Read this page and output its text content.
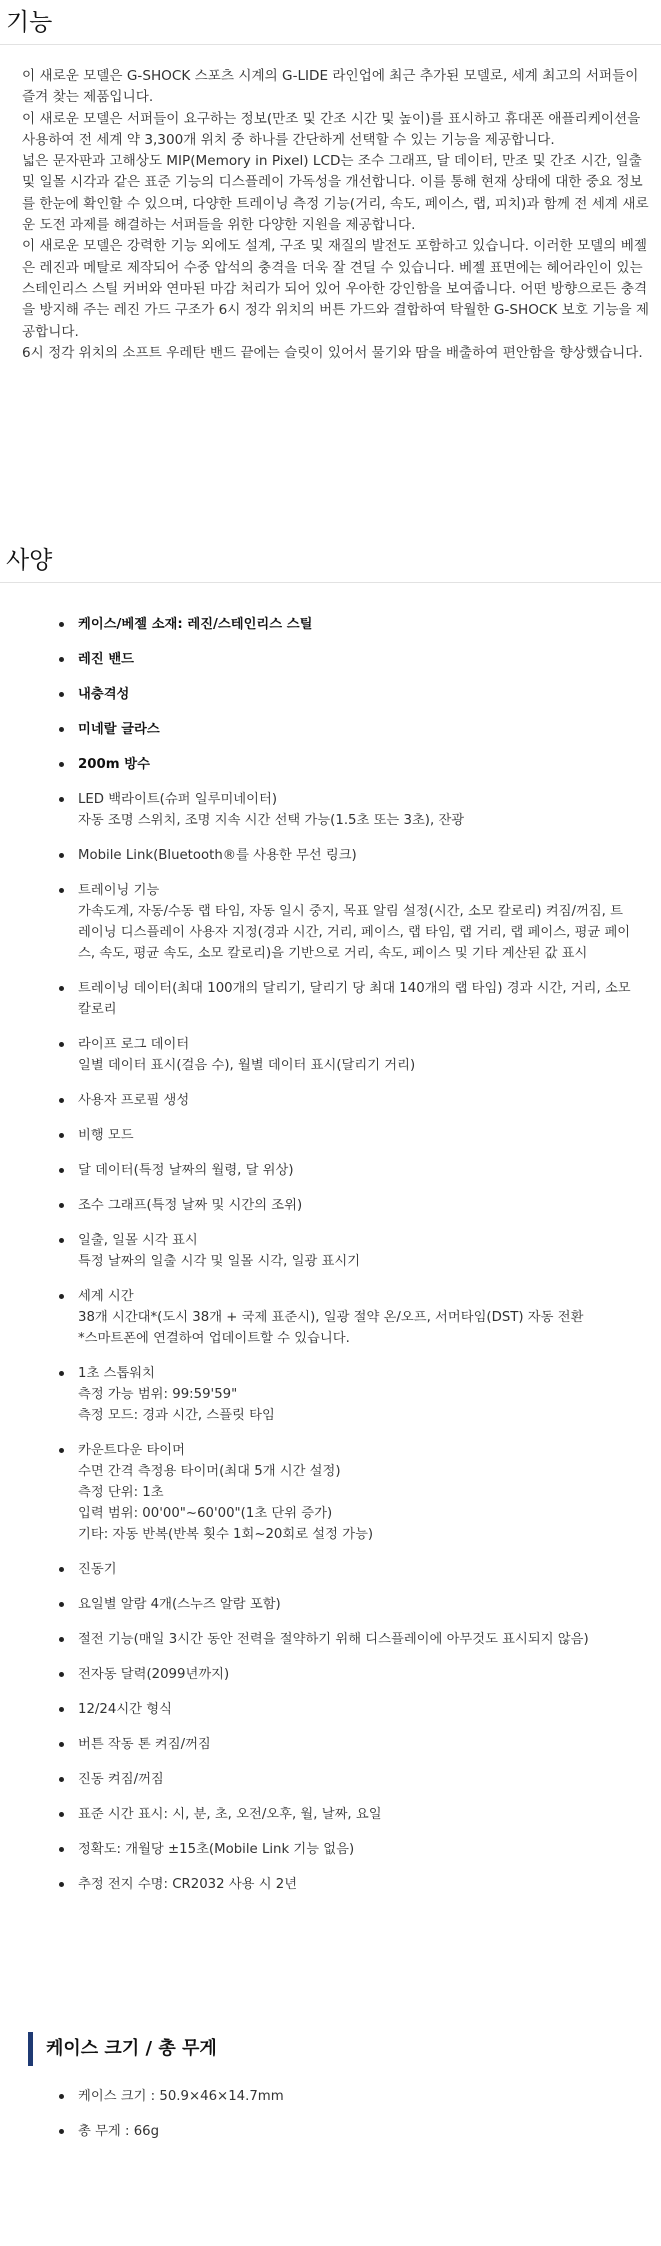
기능

이 새로운 모델은 G-SHOCK 스포츠 시계의 G-LIDE 라인업에 최근 추가된 모델로, 세계 최고의 서퍼들이 즐겨 찾는 제품입니다.

이 새로운 모델은 서퍼들이 요구하는 정보(만조 및 간조 시간 및 높이)를 표시하고 휴대폰 애플리케이션을 사용하여 전 세계 약 3,300개 위치 중 하나를 간단하게 선택할 수 있는 기능을 제공합니다.

넓은 문자판과 고해상도 MIP(Memory in Pixel) LCD는 조수 그래프, 달 데이터, 만조 및 간조 시간, 일출 및 일몰 시각과 같은 표준 기능의 디스플레이 가독성을 개선합니다. 이를 통해 현재 상태에 대한 중요 정보를 한눈에 확인할 수 있으며, 다양한 트레이닝 측정 기능(거리, 속도, 페이스, 랩, 피치)과 함께 전 세계 새로운 도전 과제를 해결하는 서퍼들을 위한 다양한 지원을 제공합니다.

이 새로운 모델은 강력한 기능 외에도 설계, 구조 및 재질의 발전도 포함하고 있습니다. 이러한 모델의 베젤은 레진과 메탈로 제작되어 수중 압석의 충격을 더욱 잘 견딜 수 있습니다. 베젤 표면에는 헤어라인이 있는 스테인리스 스틸 커버와 연마된 마감 처리가 되어 있어 우아한 강인함을 보여줍니다. 어떤 방향으로든 충격을 방지해 주는 레진 가드 구조가 6시 정각 위치의 버튼 가드와 결합하여 탁월한 G-SHOCK 보호 기능을 제공합니다.

6시 정각 위치의 소프트 우레탄 밴드 끝에는 슬릿이 있어서 물기와 땀을 배출하여 편안함을 향상했습니다.

사양
케이스/베젤 소재: 레진/스테인리스 스틸
레진 밴드
내충격성
미네랄 글라스
200m 방수
LED 백라이트(슈퍼 일루미네이터)
자동 조명 스위치, 조명 지속 시간 선택 가능(1.5초 또는 3초), 잔광
Mobile Link(Bluetooth®를 사용한 무선 링크)
트레이닝 기능
가속도계, 자동/수동 랩 타임, 자동 일시 중지, 목표 알림 설정(시간, 소모 칼로리) 켜짐/꺼짐, 트레이닝 디스플레이 사용자 지정(경과 시간, 거리, 페이스, 랩 타임, 랩 거리, 랩 페이스, 평균 페이스, 속도, 평균 속도, 소모 칼로리)을 기반으로 거리, 속도, 페이스 및 기타 계산된 값 표시
트레이닝 데이터(최대 100개의 달리기, 달리기 당 최대 140개의 랩 타임) 경과 시간, 거리, 소모 칼로리
라이프 로그 데이터
일별 데이터 표시(걸음 수), 월별 데이터 표시(달리기 거리)
사용자 프로필 생성
비행 모드
달 데이터(특정 날짜의 월령, 달 위상)
조수 그래프(특정 날짜 및 시간의 조위)
일출, 일몰 시각 표시
특정 날짜의 일출 시각 및 일몰 시각, 일광 표시기
세계 시간
38개 시간대*(도시 38개 + 국제 표준시), 일광 절약 온/오프, 서머타임(DST) 자동 전환
*스마트폰에 연결하여 업데이트할 수 있습니다.
1초 스톱워치
측정 가능 범위: 99:59'59"
측정 모드: 경과 시간, 스플릿 타임
카운트다운 타이머
수면 간격 측정용 타이머(최대 5개 시간 설정)
측정 단위: 1초
입력 범위: 00'00"~60'00"(1초 단위 증가)
기타: 자동 반복(반복 횟수 1회~20회로 설정 가능)
진동기
요일별 알람 4개(스누즈 알람 포함)
절전 기능(매일 3시간 동안 전력을 절약하기 위해 디스플레이에 아무것도 표시되지 않음)
전자동 달력(2099년까지)
12/24시간 형식
버튼 작동 톤 켜짐/꺼짐
진동 켜짐/꺼짐
표준 시간 표시: 시, 분, 초, 오전/오후, 월, 날짜, 요일
정확도: 개월당 ±15초(Mobile Link 기능 없음)
추정 전지 수명: CR2032 사용 시 2년
케이스 크기 / 총 무게
케이스 크기 : 50.9×46×14.7mm
총 무게 : 66g
